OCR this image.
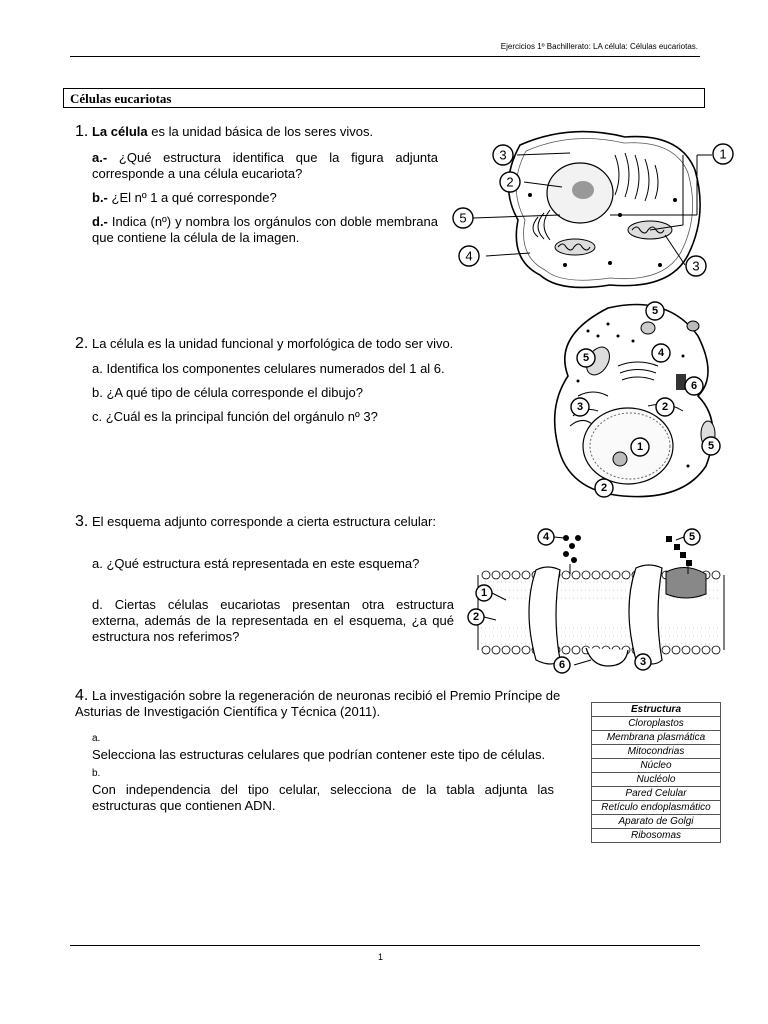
Ejercicios 1º Bachillerato: LA célula: Células eucariotas.
Células eucariotas
1. La célula es la unidad básica de los seres vivos.
a.- ¿Qué estructura identifica que la figura adjunta corresponde a una célula eucariota?
b.- ¿El nº 1 a qué corresponde?
d.- Indica (nº) y nombra los orgánulos con doble membrana que contiene la célula de la imagen.
1
2
3
4
5
3
2. La célula es la unidad funcional y morfológica de todo ser vivo.
a. Identifica los componentes celulares numerados del 1 al 6.
b. ¿A qué tipo de célula corresponde el dibujo?
c. ¿Cuál es la principal función del orgánulo nº 3?
5
5	4
6
3	2
1	5
2
3. El esquema adjunto corresponde a cierta estructura celular:
a. ¿Qué estructura está representada en este esquema?
d. Ciertas células eucariotas presentan otra estructura externa, además de la representada en el esquema, ¿a qué estructura nos referimos?
4	5
1
2
6	3
4. La investigación sobre la regeneración de neuronas recibió el Premio Príncipe de Asturias de Investigación Científica y Técnica (2011).
a. Selecciona las estructuras celulares que podrían contener este tipo de células.
b. Con independencia del tipo celular, selecciona de la tabla adjunta las estructuras que contienen ADN.
Estructura
Cloroplastos
Membrana plasmática
Mitocondrias
Núcleo
Nucléolo
Pared Celular
Retículo endoplasmático
Aparato de Golgi
Ribosomas
1
